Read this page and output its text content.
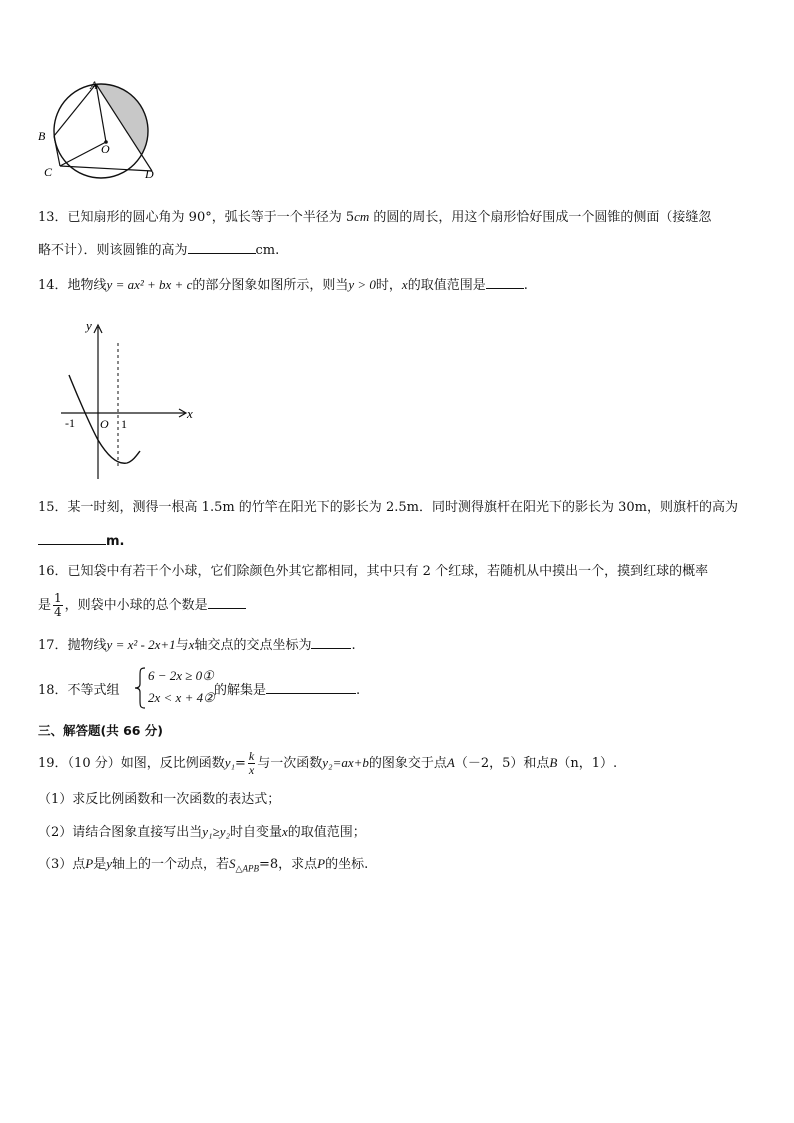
A
B
C	D
O
13．已知扇形的圆心角为 90°，弧长等于一个半径为 5cm 的圆的周长，用这个扇形恰好围成一个圆锥的侧面（接缝忽
略不计）．则该圆锥的高为	cm.
14．地物线y = ax² + bx + c的部分图象如图所示，则当y > 0时，x的取值范围是	.
x
y
-1 O 1
15．某一时刻，测得一根高 1.5m 的竹竿在阳光下的影长为 2.5m．同时测得旗杆在阳光下的影长为 30m，则旗杆的高为
m.
16．已知袋中有若干个小球，它们除颜色外其它都相同，其中只有 2 个红球，若随机从中摸出一个，摸到红球的概率
是 $\frac{1}{4}$ ，则袋中小球的总个数是
17．抛物线y = x² - 2x+1与x轴交点的交点坐标为	.
18．不等式组
6 − 2x ≥ 0①
2x < x + 4② 的解集是	.
三、解答题(共 66 分)
19．（10 分）如图，反比例函数$y_1= \frac{k}{x}$ 与一次函数y₂=ax+b的图象交于点A（－2，5）和点B（n，1）.
（1）求反比例函数和一次函数的表达式；
（2）请结合图象直接写出当y₁≥y₂时自变量x的取值范围；
（3）点P是y轴上的一个动点，若$S_{\triangle APB}=8$，求点P的坐标.
